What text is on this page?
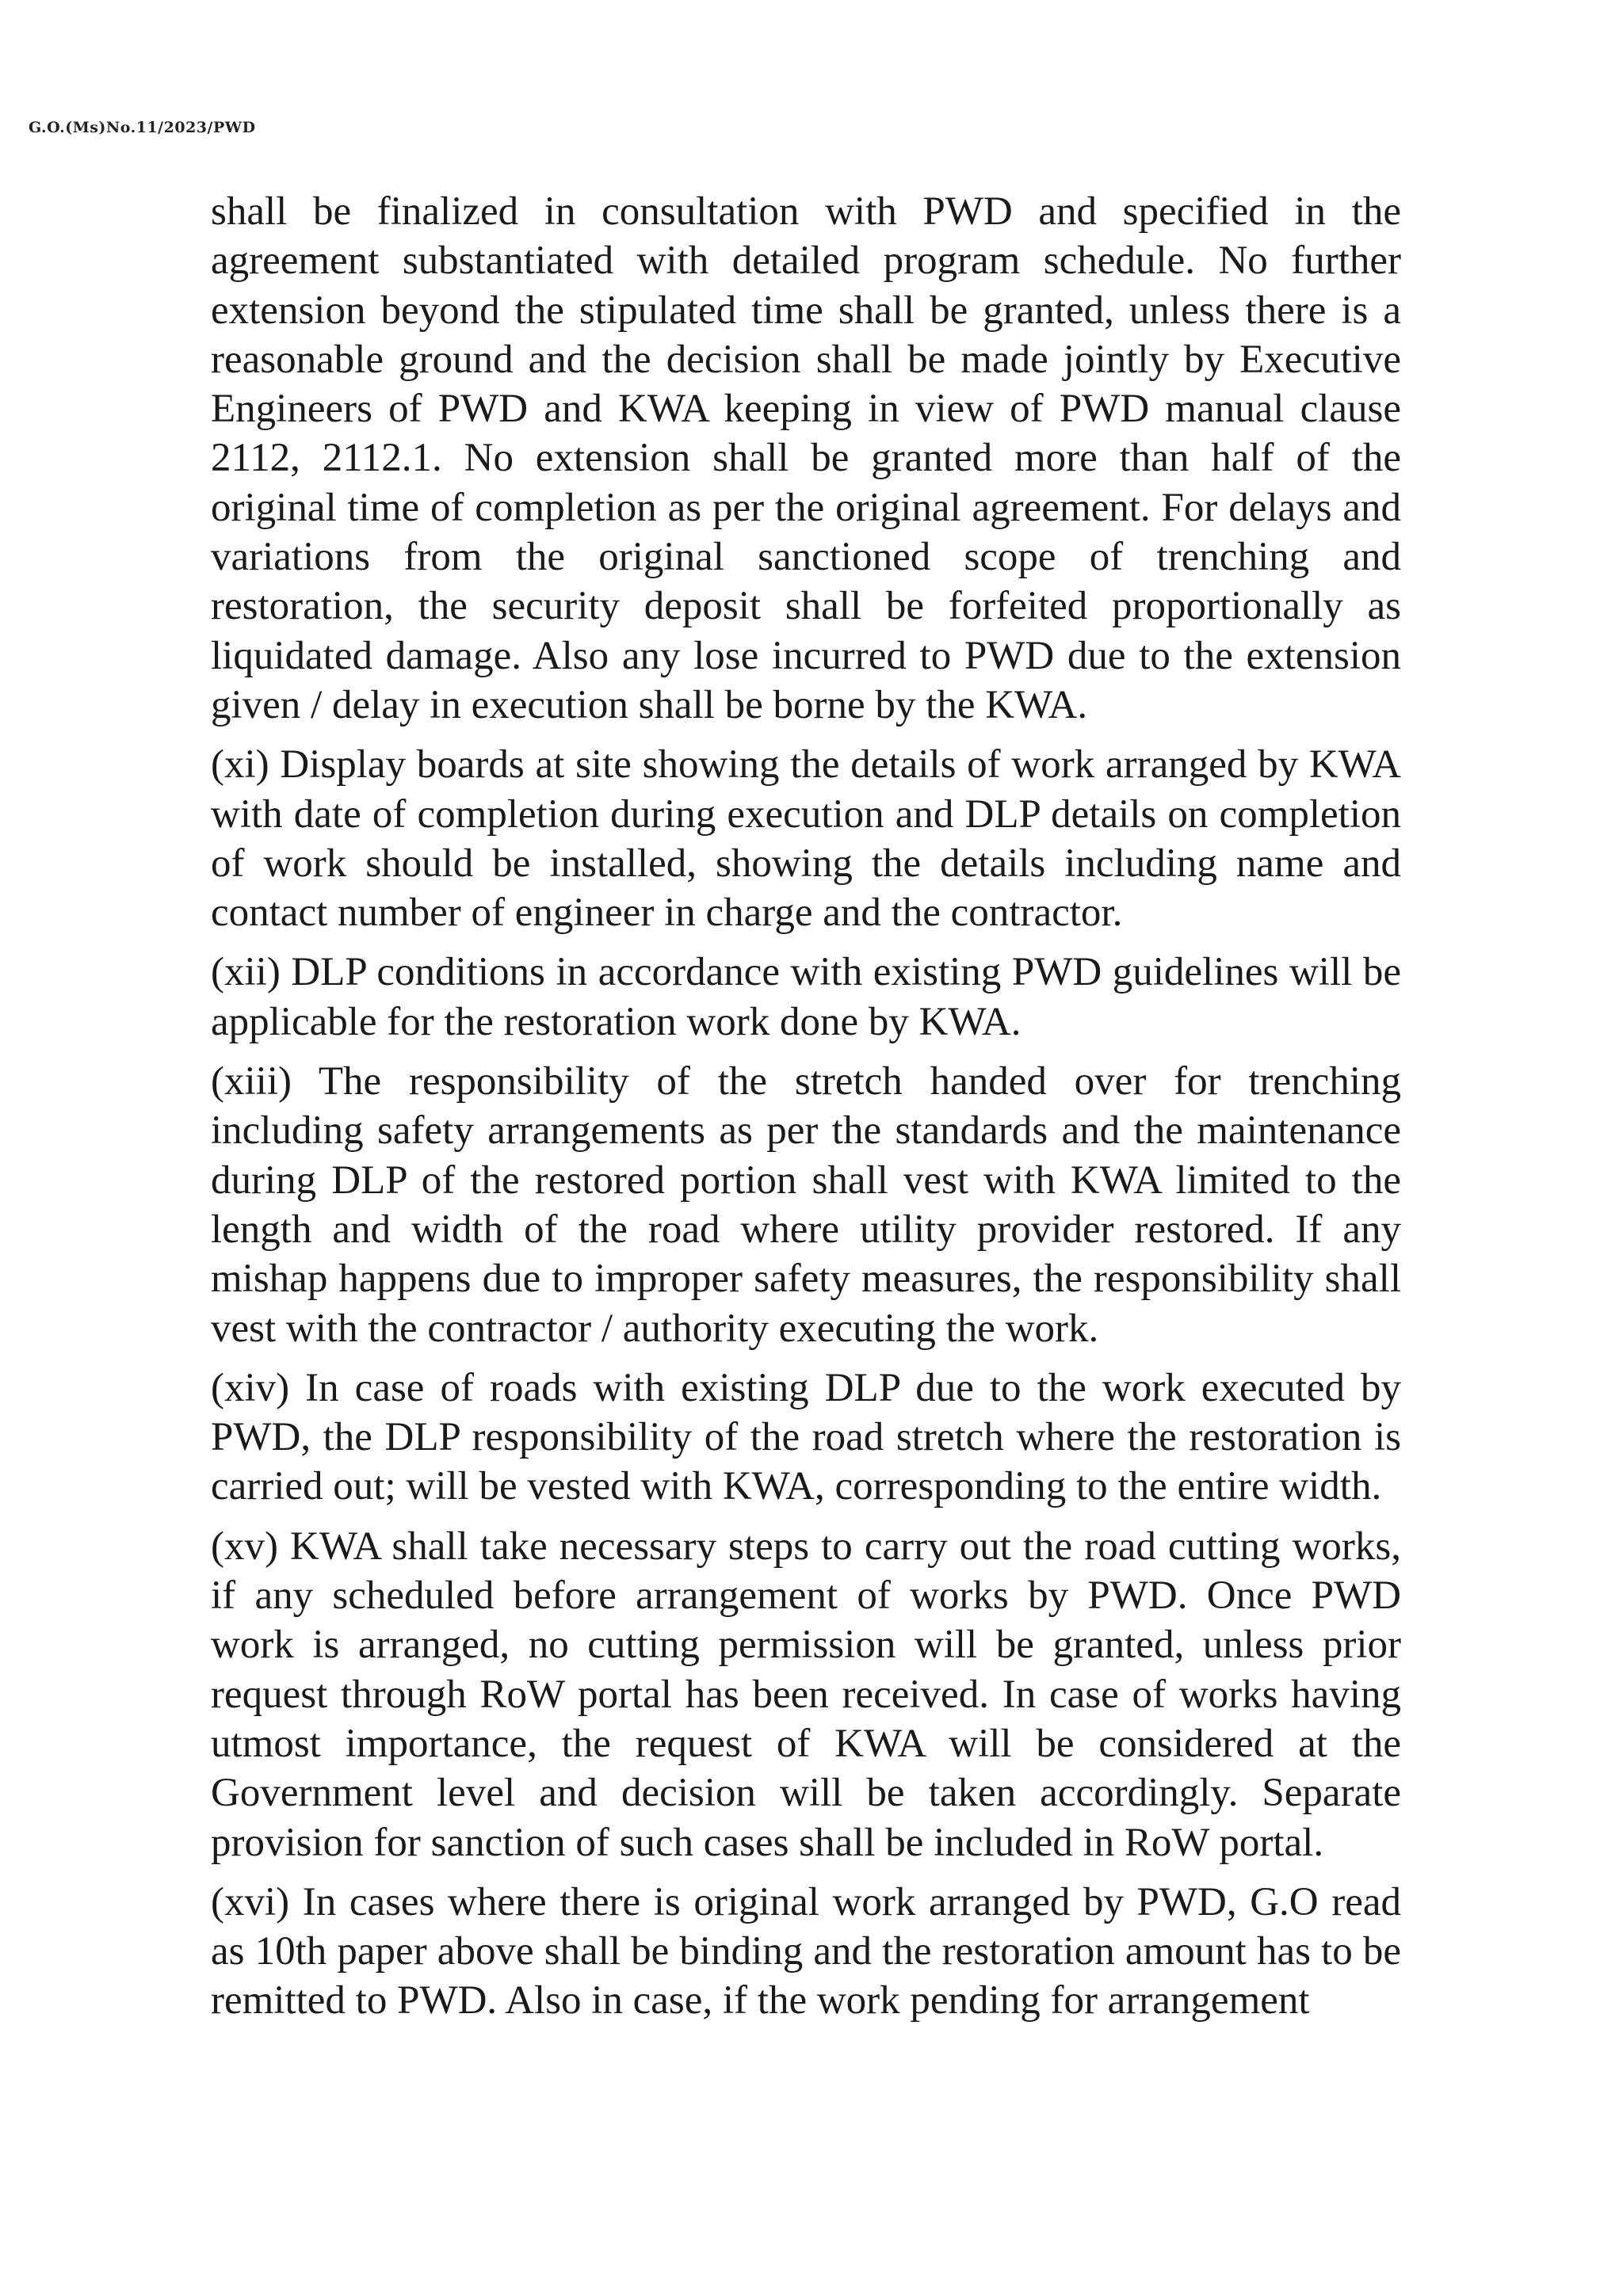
G.O.(Ms)No.11/2023/PWD

shall be finalized in consultation with PWD and specified in the agreement substantiated with detailed program schedule. No further extension beyond the stipulated time shall be granted, unless there is a reasonable ground and the decision shall be made jointly by Executive Engineers of PWD and KWA keeping in view of PWD manual clause 2112, 2112.1. No extension shall be granted more than half of the original time of completion as per the original agreement. For delays and variations from the original sanctioned scope of trenching and restoration, the security deposit shall be forfeited proportionally as liquidated damage. Also any lose incurred to PWD due to the extension given / delay in execution shall be borne by the KWA.

(xi) Display boards at site showing the details of work arranged by KWA with date of completion during execution and DLP details on completion of work should be installed, showing the details including name and contact number of engineer in charge and the contractor.

(xii) DLP conditions in accordance with existing PWD guidelines will be applicable for the restoration work done by KWA.

(xiii) The responsibility of the stretch handed over for trenching including safety arrangements as per the standards and the maintenance during DLP of the restored portion shall vest with KWA limited to the length and width of the road where utility provider restored. If any mishap happens due to improper safety measures, the responsibility shall vest with the contractor / authority executing the work.

(xiv) In case of roads with existing DLP due to the work executed by PWD, the DLP responsibility of the road stretch where the restoration is carried out; will be vested with KWA, corresponding to the entire width.

(xv) KWA shall take necessary steps to carry out the road cutting works, if any scheduled before arrangement of works by PWD. Once PWD work is arranged, no cutting permission will be granted, unless prior request through RoW portal has been received. In case of works having utmost importance, the request of KWA will be considered at the Government level and decision will be taken accordingly. Separate provision for sanction of such cases shall be included in RoW portal.

(xvi) In cases where there is original work arranged by PWD, G.O read as 10th paper above shall be binding and the restoration amount has to be remitted to PWD. Also in case, if the work pending for arrangement
